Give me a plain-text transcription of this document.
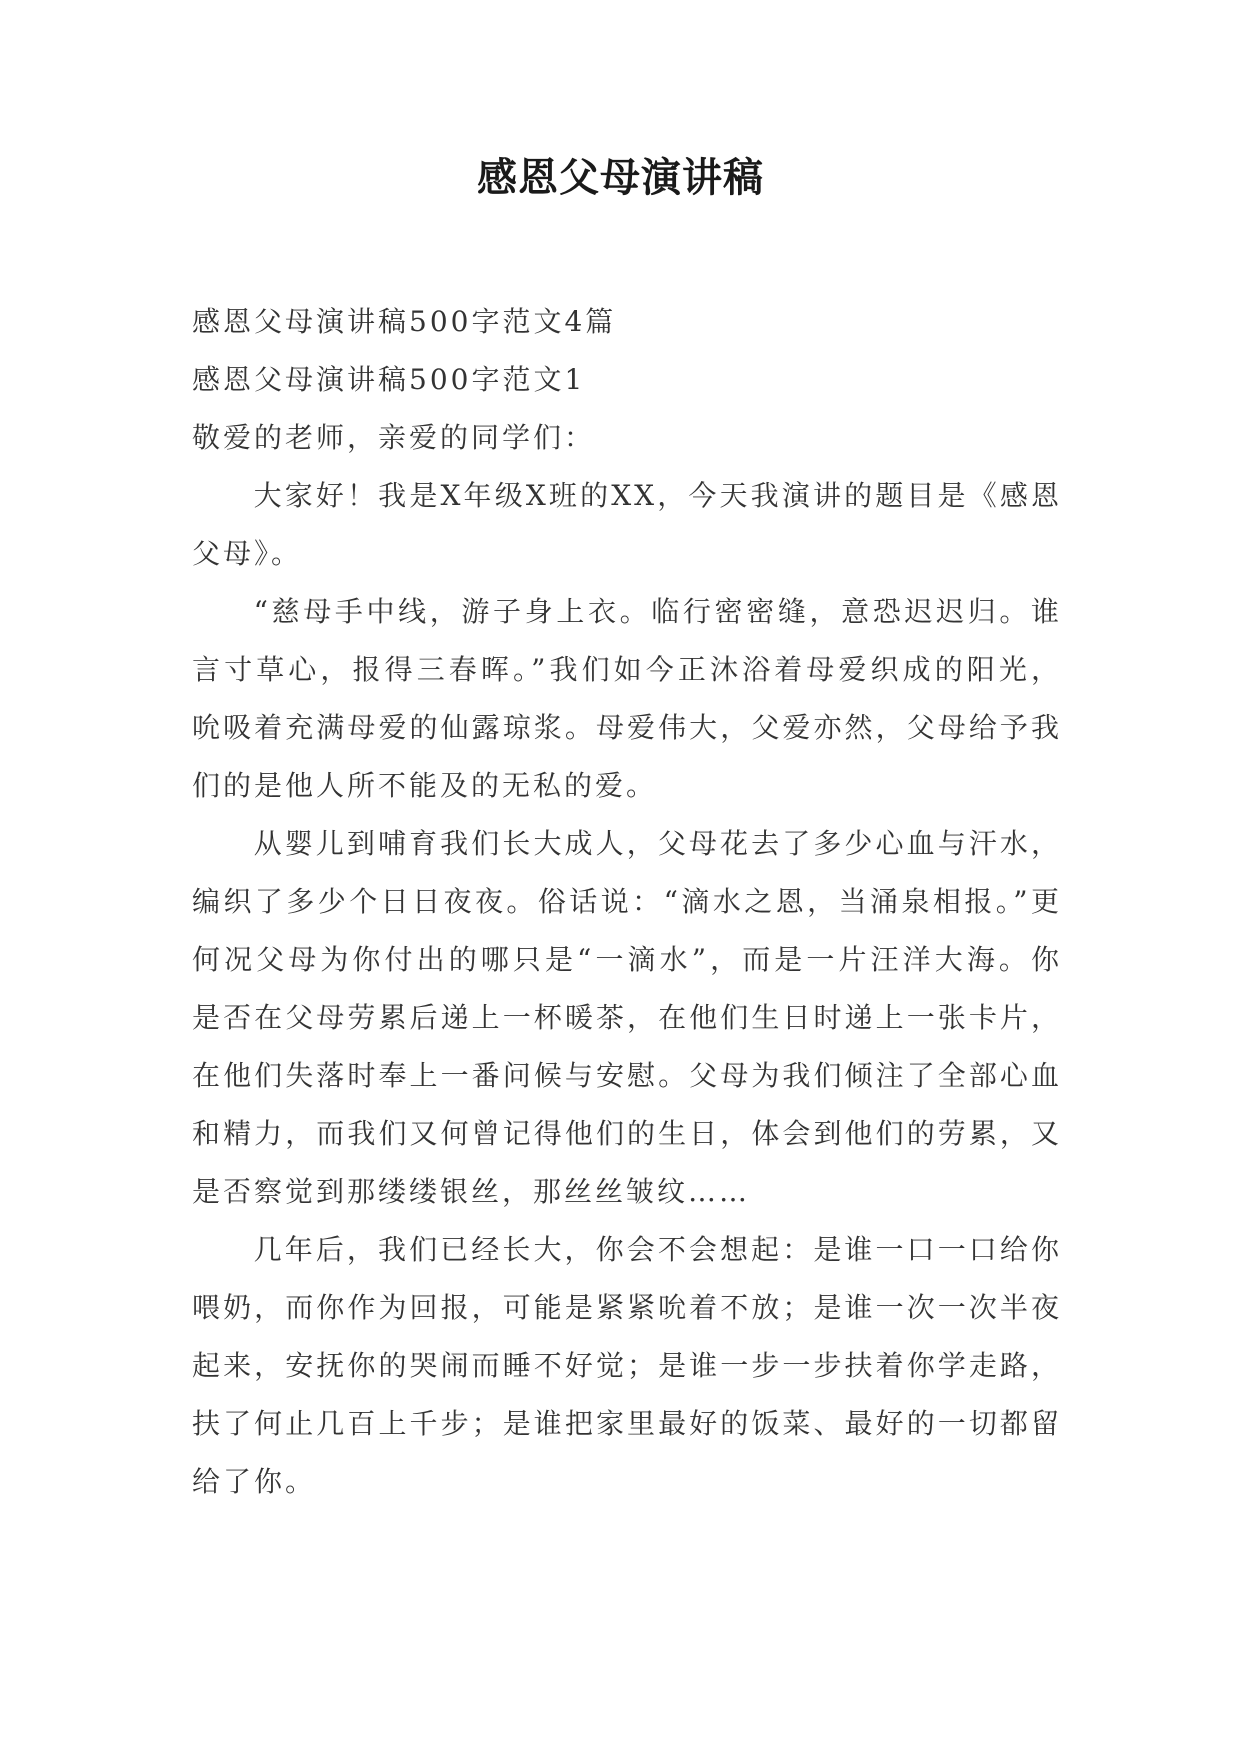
感恩父母演讲稿

感恩父母演讲稿500字范文4篇

感恩父母演讲稿500字范文1

敬爱的老师，亲爱的同学们：

大家好！我是X年级X班的XX，今天我演讲的题目是《感恩父母》。

“慈母手中线，游子身上衣。临行密密缝，意恐迟迟归。谁言寸草心，报得三春晖。”我们如今正沐浴着母爱织成的阳光，吮吸着充满母爱的仙露琼浆。母爱伟大，父爱亦然，父母给予我们的是他人所不能及的无私的爱。

从婴儿到哺育我们长大成人，父母花去了多少心血与汗水，编织了多少个日日夜夜。俗话说：“滴水之恩，当涌泉相报。”更何况父母为你付出的哪只是“一滴水”，而是一片汪洋大海。你是否在父母劳累后递上一杯暖茶，在他们生日时递上一张卡片，在他们失落时奉上一番问候与安慰。父母为我们倾注了全部心血和精力，而我们又何曾记得他们的生日，体会到他们的劳累，又是否察觉到那缕缕银丝，那丝丝皱纹……

几年后，我们已经长大，你会不会想起：是谁一口一口给你喂奶，而你作为回报，可能是紧紧吮着不放；是谁一次一次半夜起来，安抚你的哭闹而睡不好觉；是谁一步一步扶着你学走路，扶了何止几百上千步；是谁把家里最好的饭菜、最好的一切都留给了你。
